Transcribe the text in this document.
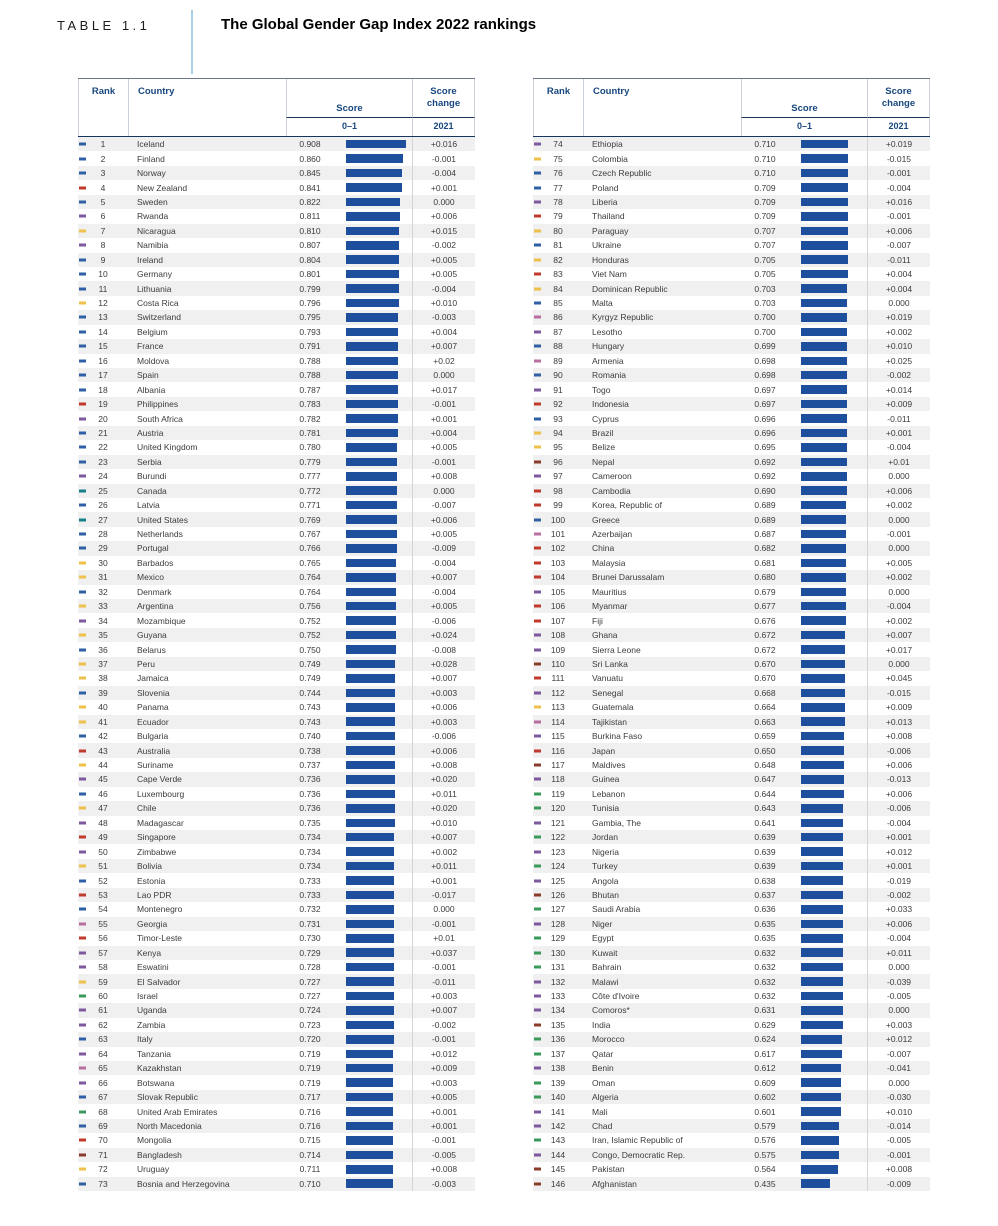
TABLE 1.1	The Global Gender Gap Index 2022 rankings
Rank	Country
Score
Score change
0–1	2021
1	Iceland	0.908	+0.016
2	Finland	0.860	-0.001
3	Norway	0.845	-0.004
4	New Zealand	0.841	+0.001
5	Sweden	0.822	0.000
6	Rwanda	0.811	+0.006
7	Nicaragua	0.810	+0.015
8	Namibia	0.807	-0.002
9	Ireland	0.804	+0.005
10	Germany	0.801	+0.005
11	Lithuania	0.799	-0.004
12	Costa Rica	0.796	+0.010
13	Switzerland	0.795	-0.003
14	Belgium	0.793	+0.004
15	France	0.791	+0.007
16	Moldova	0.788	+0.02
17	Spain	0.788	0.000
18	Albania	0.787	+0.017
19	Philippines	0.783	-0.001
20	South Africa	0.782	+0.001
21	Austria	0.781	+0.004
22	United Kingdom	0.780	+0.005
23	Serbia	0.779	-0.001
24	Burundi	0.777	+0.008
25	Canada	0.772	0.000
26	Latvia	0.771	-0.007
27	United States	0.769	+0.006
28	Netherlands	0.767	+0.005
29	Portugal	0.766	-0.009
30	Barbados	0.765	-0.004
31	Mexico	0.764	+0.007
32	Denmark	0.764	-0.004
33	Argentina	0.756	+0.005
34	Mozambique	0.752	-0.006
35	Guyana	0.752	+0.024
36	Belarus	0.750	-0.008
37	Peru	0.749	+0.028
38	Jamaica	0.749	+0.007
39	Slovenia	0.744	+0.003
40	Panama	0.743	+0.006
41	Ecuador	0.743	+0.003
42	Bulgaria	0.740	-0.006
43	Australia	0.738	+0.006
44	Suriname	0.737	+0.008
45	Cape Verde	0.736	+0.020
46	Luxembourg	0.736	+0.011
47	Chile	0.736	+0.020
48	Madagascar	0.735	+0.010
49	Singapore	0.734	+0.007
50	Zimbabwe	0.734	+0.002
51	Bolivia	0.734	+0.011
52	Estonia	0.733	+0.001
53	Lao PDR	0.733	-0.017
54	Montenegro	0.732	0.000
55	Georgia	0.731	-0.001
56	Timor-Leste	0.730	+0.01
57	Kenya	0.729	+0.037
58	Eswatini	0.728	-0.001
59	El Salvador	0.727	-0.011
60	Israel	0.727	+0.003
61	Uganda	0.724	+0.007
62	Zambia	0.723	-0.002
63	Italy	0.720	-0.001
64	Tanzania	0.719	+0.012
65	Kazakhstan	0.719	+0.009
66	Botswana	0.719	+0.003
67	Slovak Republic	0.717	+0.005
68	United Arab Emirates	0.716	+0.001
69	North Macedonia	0.716	+0.001
70	Mongolia	0.715	-0.001
71	Bangladesh	0.714	-0.005
72	Uruguay	0.711	+0.008
73	Bosnia and Herzegovina	0.710	-0.003
Rank	Country
Score
Score change
0–1	2021
74	Ethiopia	0.710	+0.019
75	Colombia	0.710	-0.015
76	Czech Republic	0.710	-0.001
77	Poland	0.709	-0.004
78	Liberia	0.709	+0.016
79	Thailand	0.709	-0.001
80	Paraguay	0.707	+0.006
81	Ukraine	0.707	-0.007
82	Honduras	0.705	-0.011
83	Viet Nam	0.705	+0.004
84	Dominican Republic	0.703	+0.004
85	Malta	0.703	0.000
86	Kyrgyz Republic	0.700	+0.019
87	Lesotho	0.700	+0.002
88	Hungary	0.699	+0.010
89	Armenia	0.698	+0.025
90	Romania	0.698	-0.002
91	Togo	0.697	+0.014
92	Indonesia	0.697	+0.009
93	Cyprus	0.696	-0.011
94	Brazil	0.696	+0.001
95	Belize	0.695	-0.004
96	Nepal	0.692	+0.01
97	Cameroon	0.692	0.000
98	Cambodia	0.690	+0.006
99	Korea, Republic of	0.689	+0.002
100	Greece	0.689	0.000
101	Azerbaijan	0.687	-0.001
102	China	0.682	0.000
103	Malaysia	0.681	+0.005
104	Brunei Darussalam	0.680	+0.002
105	Mauritius	0.679	0.000
106	Myanmar	0.677	-0.004
107	Fiji	0.676	+0.002
108	Ghana	0.672	+0.007
109	Sierra Leone	0.672	+0.017
110	Sri Lanka	0.670	0.000
111	Vanuatu	0.670	+0.045
112	Senegal	0.668	-0.015
113	Guatemala	0.664	+0.009
114	Tajikistan	0.663	+0.013
115	Burkina Faso	0.659	+0.008
116	Japan	0.650	-0.006
117	Maldives	0.648	+0.006
118	Guinea	0.647	-0.013
119	Lebanon	0.644	+0.006
120	Tunisia	0.643	-0.006
121	Gambia, The	0.641	-0.004
122	Jordan	0.639	+0.001
123	Nigeria	0.639	+0.012
124	Turkey	0.639	+0.001
125	Angola	0.638	-0.019
126	Bhutan	0.637	-0.002
127	Saudi Arabia	0.636	+0.033
128	Niger	0.635	+0.006
129	Egypt	0.635	-0.004
130	Kuwait	0.632	+0.011
131	Bahrain	0.632	0.000
132	Malawi	0.632	-0.039
133	Côte d'Ivoire	0.632	-0.005
134	Comoros*	0.631	0.000
135	India	0.629	+0.003
136	Morocco	0.624	+0.012
137	Qatar	0.617	-0.007
138	Benin	0.612	-0.041
139	Oman	0.609	0.000
140	Algeria	0.602	-0.030
141	Mali	0.601	+0.010
142	Chad	0.579	-0.014
143	Iran, Islamic Republic of	0.576	-0.005
144	Congo, Democratic Rep.	0.575	-0.001
145	Pakistan	0.564	+0.008
146	Afghanistan	0.435	-0.009
